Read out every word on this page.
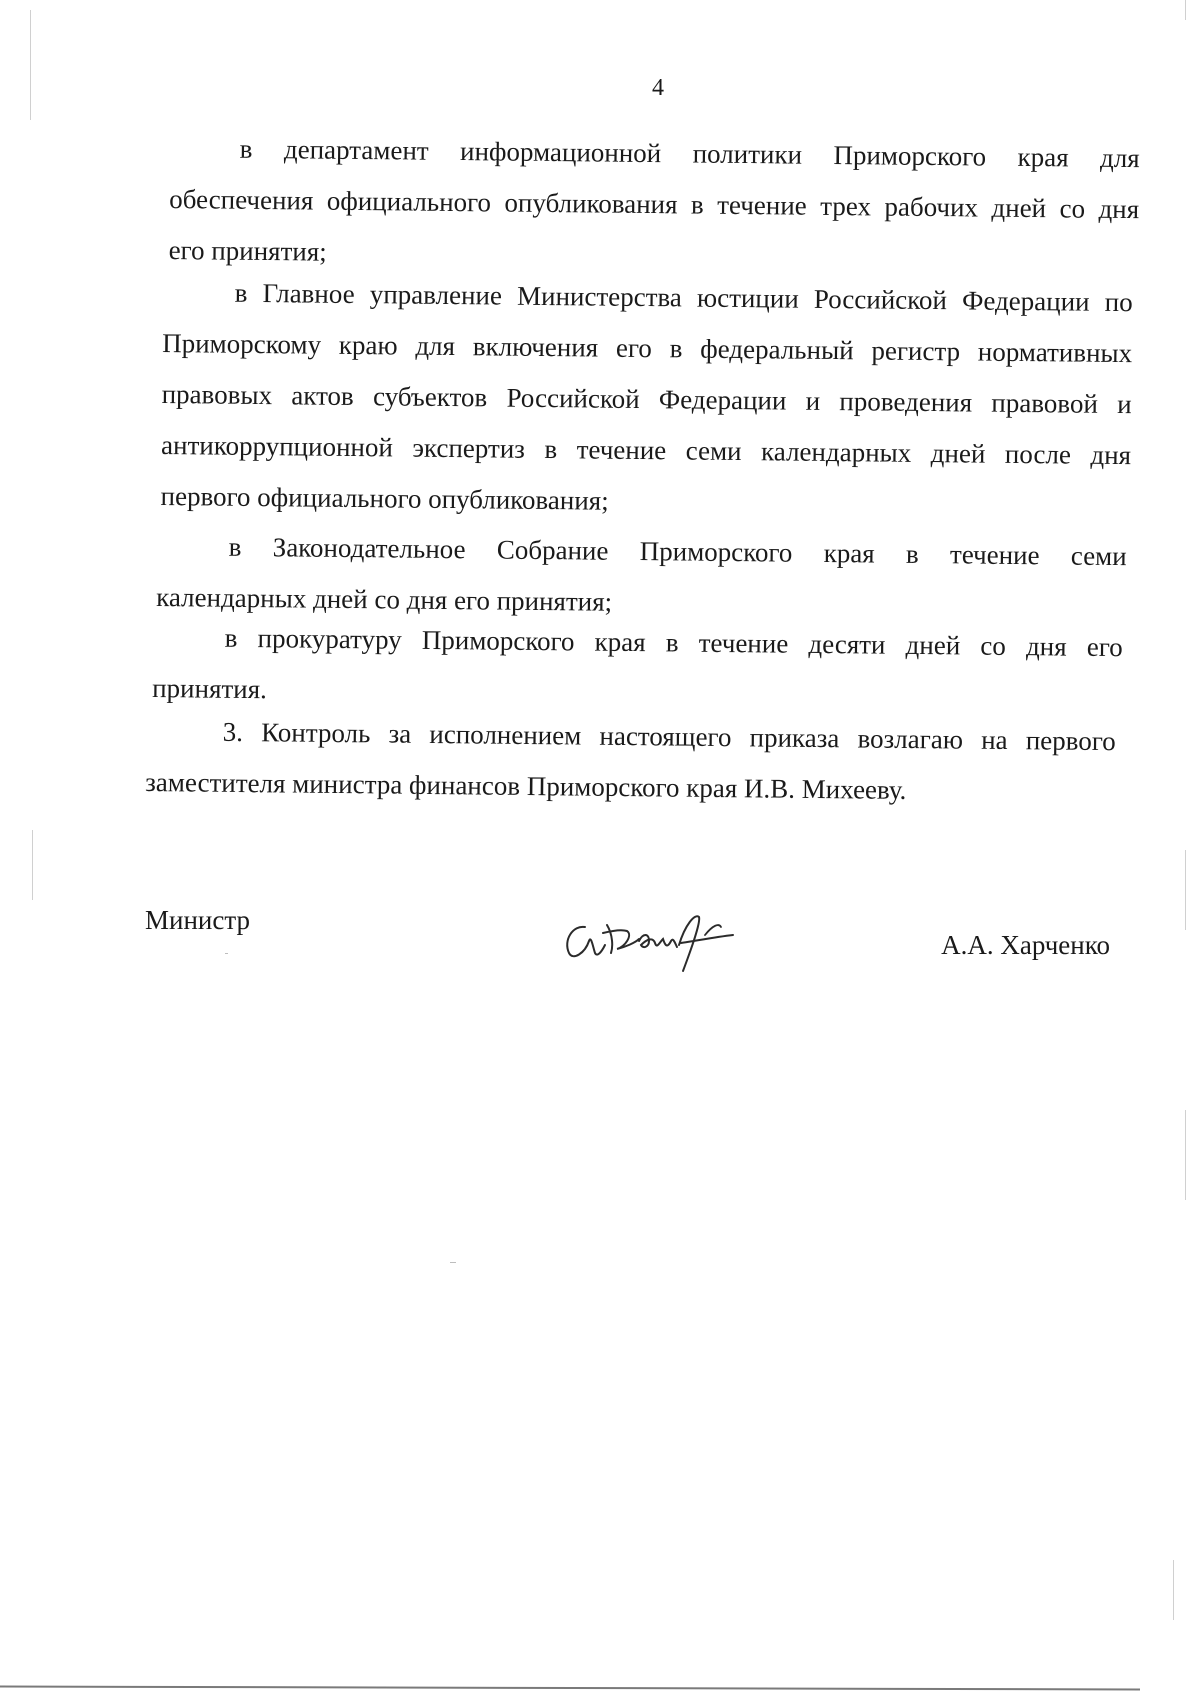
4
в департамент информационной политики Приморского края для
обеспечения официального опубликования в течение трех рабочих дней со дня
его принятия;
в Главное управление Министерства юстиции Российской Федерации по
Приморскому краю для включения его в федеральный регистр нормативных
правовых актов субъектов Российской Федерации и проведения правовой и
антикоррупционной экспертиз в течение семи календарных дней после дня
первого официального опубликования;
в Законодательное Собрание Приморского края в течение семи
календарных дней со дня его принятия;
в прокуратуру Приморского края в течение десяти дней со дня его
принятия.
3. Контроль за исполнением настоящего приказа возлагаю на первого
заместителя министра финансов Приморского края И.В. Михееву.
Министр
А.А. Харченко
